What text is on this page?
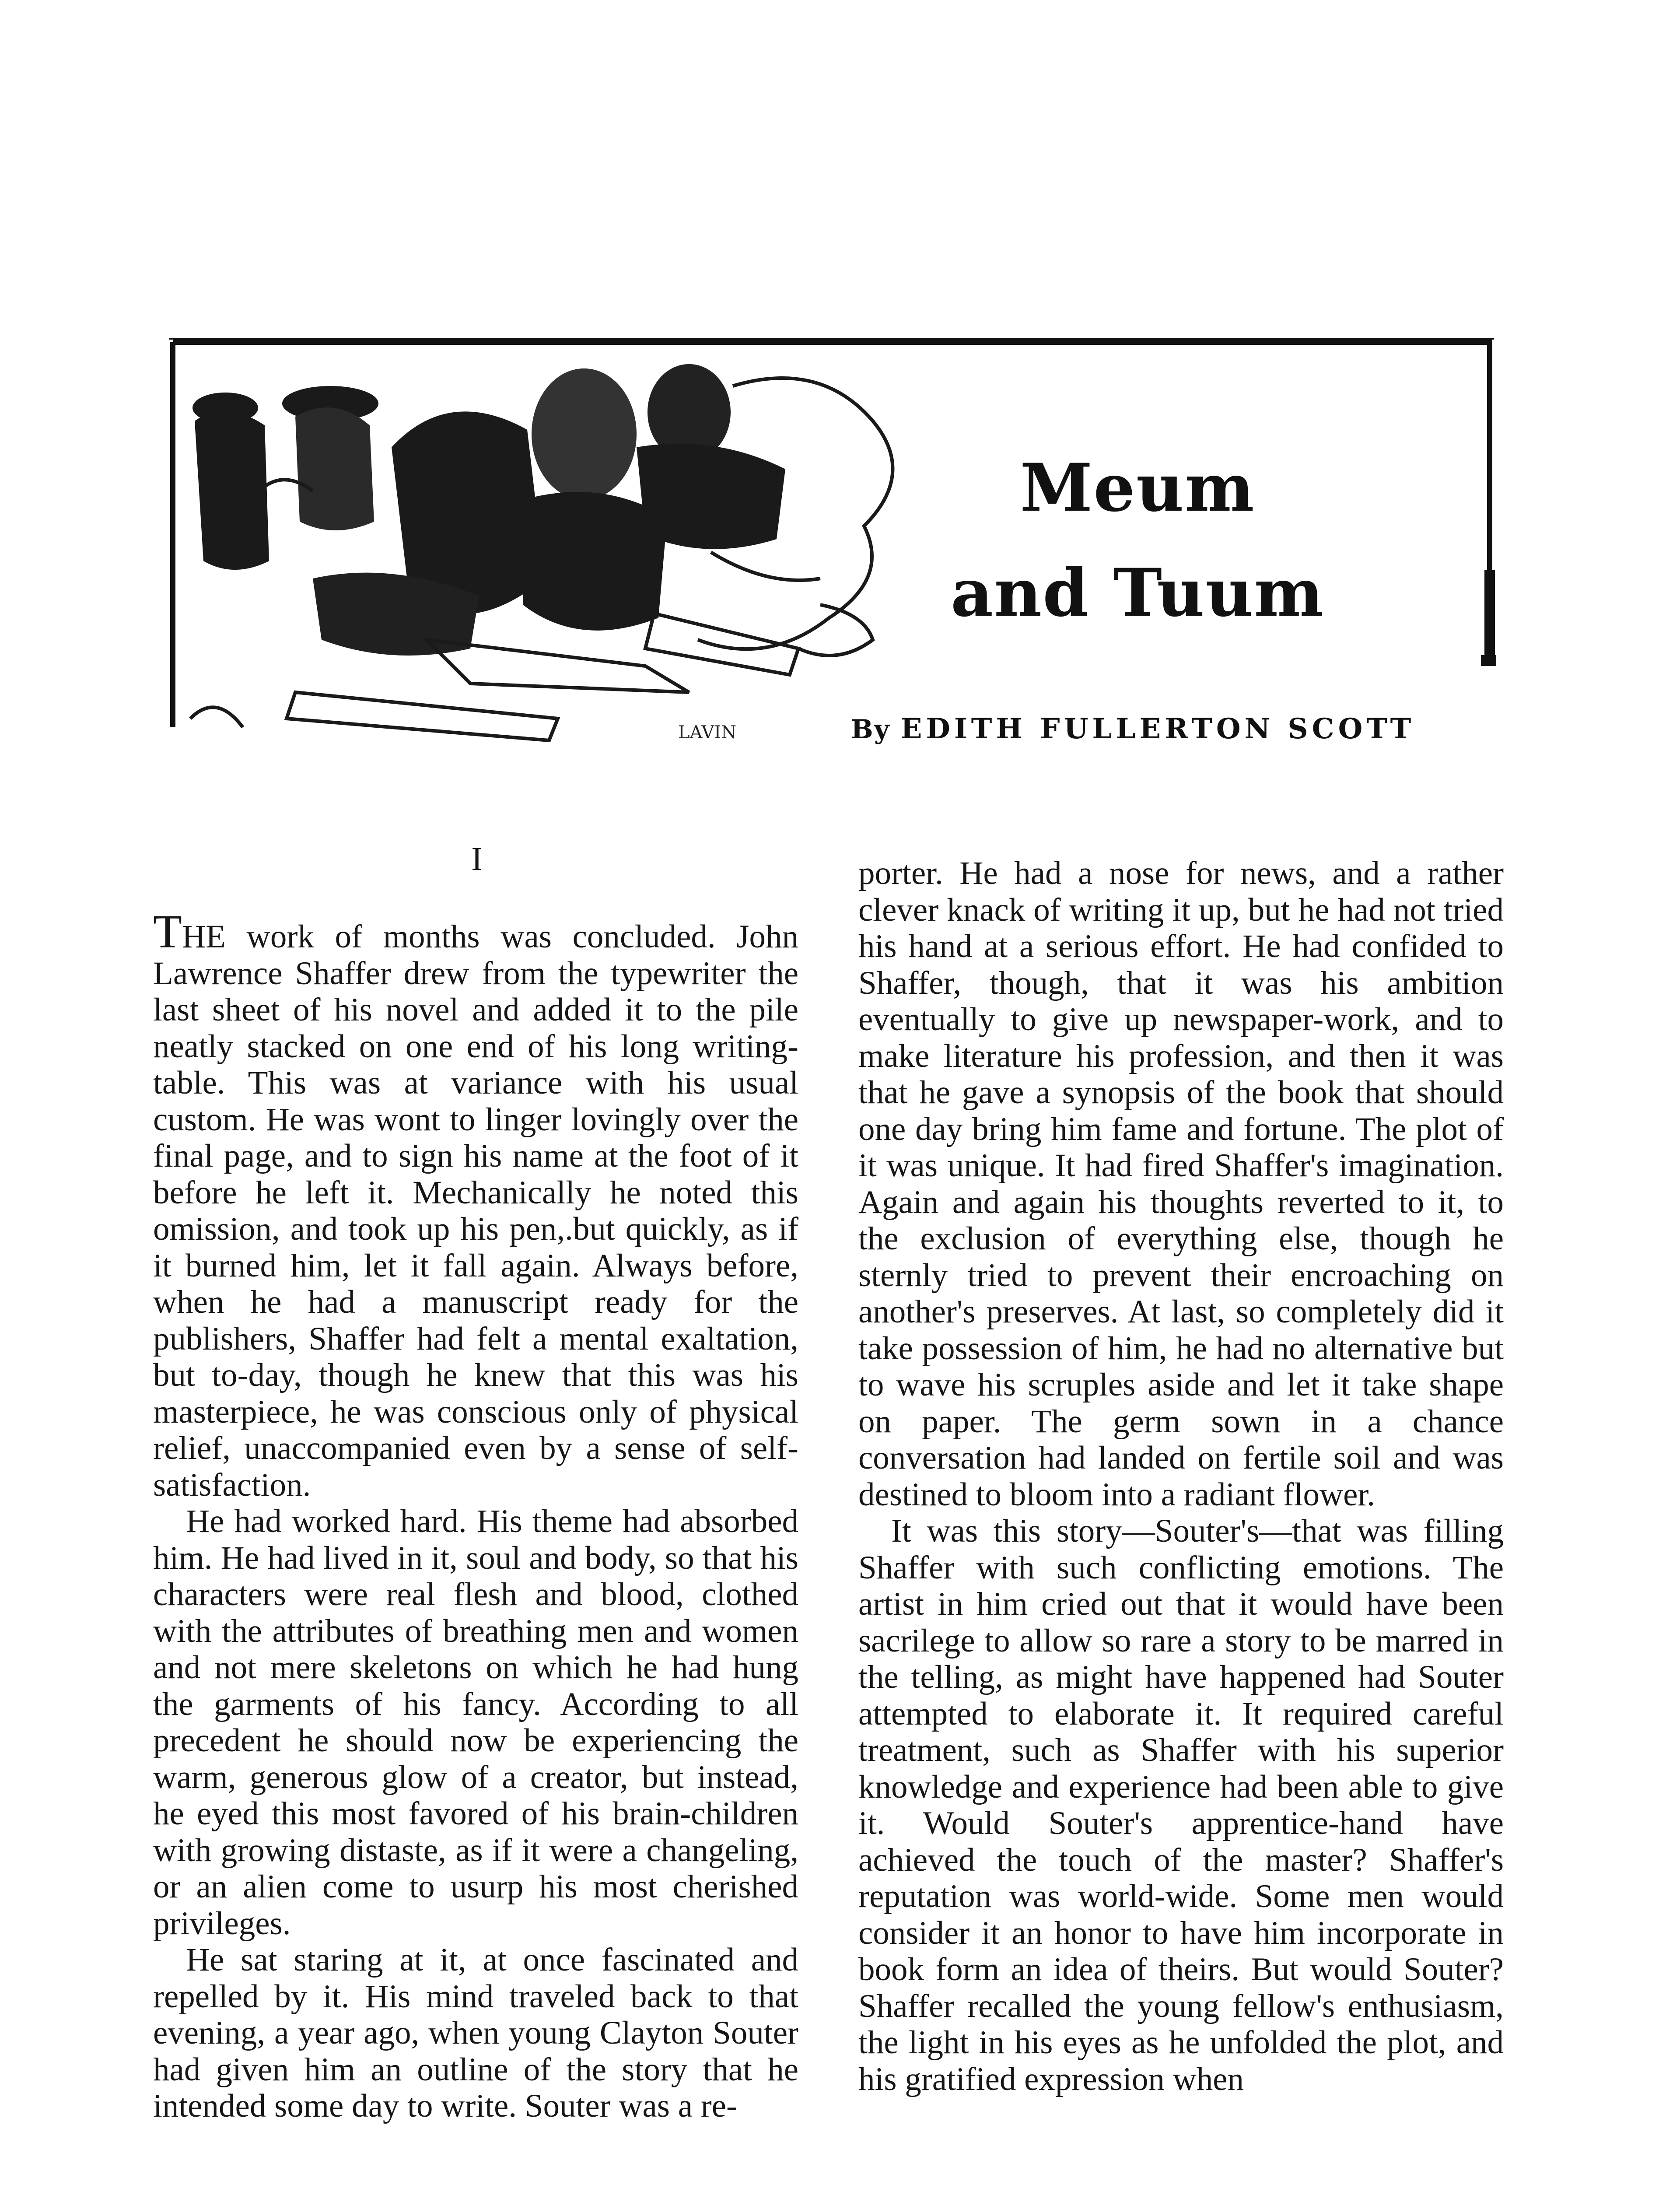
LAVIN
Meum
and Tuum
By EDITH FULLERTON SCOTT
I

THE work of months was concluded. John Lawrence Shaffer drew from the typewriter the last sheet of his novel and added it to the pile neatly stacked on one end of his long writing-table. This was at variance with his usual custom. He was wont to linger lovingly over the final page, and to sign his name at the foot of it before he left it. Mechanically he noted this omission, and took up his pen,.but quickly, as if it burned him, let it fall again. Always before, when he had a manuscript ready for the publishers, Shaffer had felt a mental exaltation, but to-day, though he knew that this was his masterpiece, he was conscious only of physical relief, unaccompanied even by a sense of self-satisfaction.

He had worked hard. His theme had absorbed him. He had lived in it, soul and body, so that his characters were real flesh and blood, clothed with the attributes of breathing men and women and not mere skeletons on which he had hung the garments of his fancy. According to all precedent he should now be experiencing the warm, generous glow of a creator, but instead, he eyed this most favored of his brain-children with growing distaste, as if it were a changeling, or an alien come to usurp his most cherished privileges.

He sat staring at it, at once fascinated and repelled by it. His mind traveled back to that evening, a year ago, when young Clayton Souter had given him an outline of the story that he intended some day to write. Souter was a re-

porter. He had a nose for news, and a rather clever knack of writing it up, but he had not tried his hand at a serious effort. He had confided to Shaffer, though, that it was his ambition eventually to give up newspaper-work, and to make literature his profession, and then it was that he gave a synopsis of the book that should one day bring him fame and fortune. The plot of it was unique. It had fired Shaffer's imagination. Again and again his thoughts reverted to it, to the exclusion of everything else, though he sternly tried to prevent their encroaching on another's preserves. At last, so completely did it take possession of him, he had no alternative but to wave his scruples aside and let it take shape on paper. The germ sown in a chance conversation had landed on fertile soil and was destined to bloom into a radiant flower.

It was this story—Souter's—that was filling Shaffer with such conflicting emotions. The artist in him cried out that it would have been sacrilege to allow so rare a story to be marred in the telling, as might have happened had Souter attempted to elaborate it. It required careful treatment, such as Shaffer with his superior knowledge and experience had been able to give it. Would Souter's apprentice-hand have achieved the touch of the master? Shaffer's reputation was world-wide. Some men would consider it an honor to have him incorporate in book form an idea of theirs. But would Souter? Shaffer recalled the young fellow's enthusiasm, the light in his eyes as he unfolded the plot, and his gratified expression when
